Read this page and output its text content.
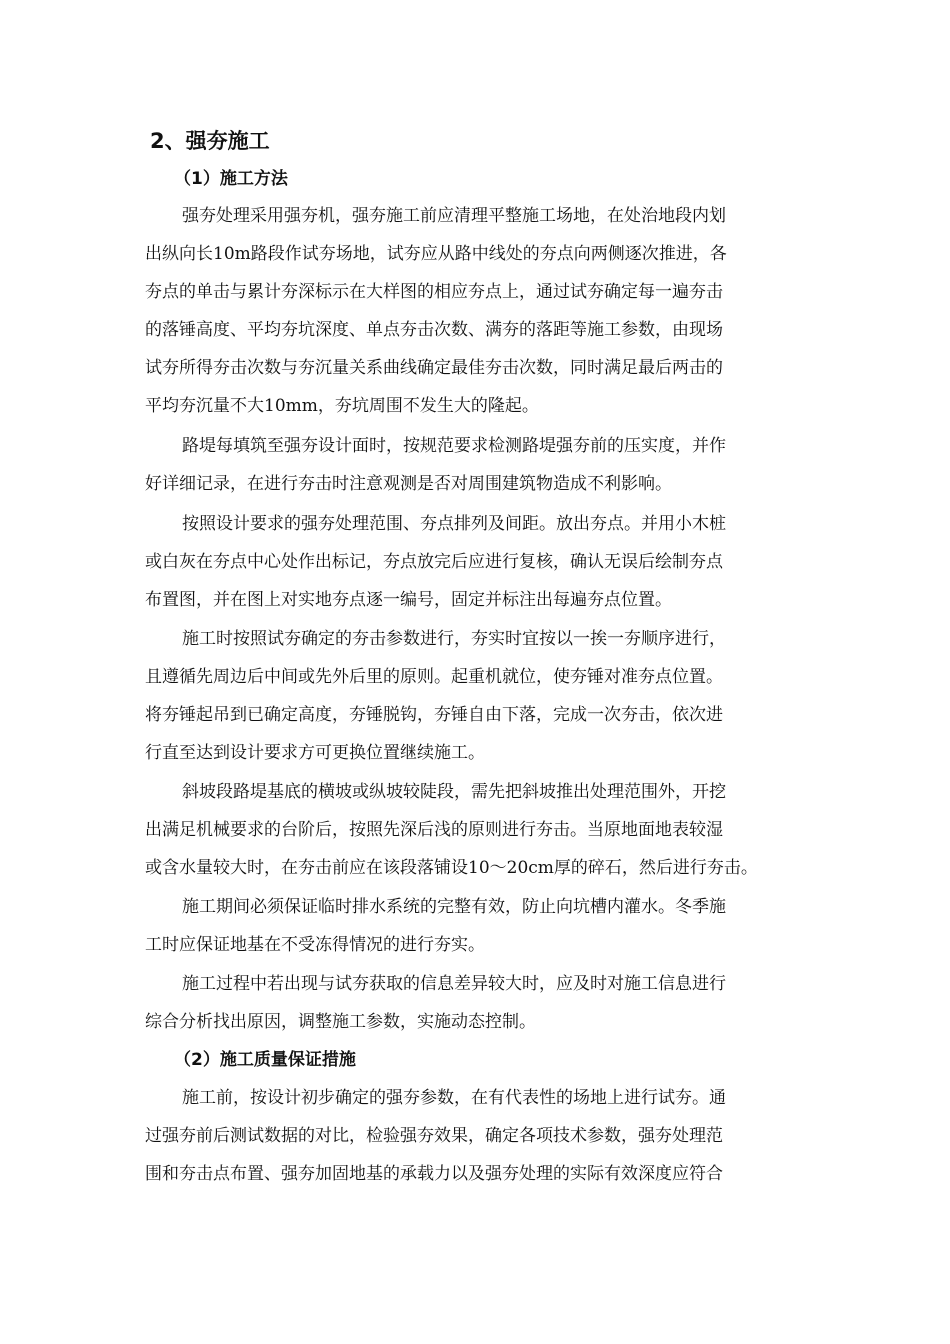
2、强夯施工
（1）施工方法
强夯处理采用强夯机，强夯施工前应清理平整施工场地，在处治地段内划
出纵向长10m路段作试夯场地，试夯应从路中线处的夯点向两侧逐次推进，各
夯点的单击与累计夯深标示在大样图的相应夯点上，通过试夯确定每一遍夯击
的落锤高度、平均夯坑深度、单点夯击次数、满夯的落距等施工参数，由现场
试夯所得夯击次数与夯沉量关系曲线确定最佳夯击次数，同时满足最后两击的
平均夯沉量不大10mm，夯坑周围不发生大的隆起。
路堤每填筑至强夯设计面时，按规范要求检测路堤强夯前的压实度，并作
好详细记录，在进行夯击时注意观测是否对周围建筑物造成不利影响。
按照设计要求的强夯处理范围、夯点排列及间距。放出夯点。并用小木桩
或白灰在夯点中心处作出标记，夯点放完后应进行复核，确认无误后绘制夯点
布置图，并在图上对实地夯点逐一编号，固定并标注出每遍夯点位置。
施工时按照试夯确定的夯击参数进行，夯实时宜按以一挨一夯顺序进行，
且遵循先周边后中间或先外后里的原则。起重机就位，使夯锤对准夯点位置。
将夯锤起吊到已确定高度，夯锤脱钩，夯锤自由下落，完成一次夯击，依次进
行直至达到设计要求方可更换位置继续施工。
斜坡段路堤基底的横坡或纵坡较陡段，需先把斜坡推出处理范围外，开挖
出满足机械要求的台阶后，按照先深后浅的原则进行夯击。当原地面地表较湿
或含水量较大时，在夯击前应在该段落铺设10～20cm厚的碎石，然后进行夯击。
施工期间必须保证临时排水系统的完整有效，防止向坑槽内灌水。冬季施
工时应保证地基在不受冻得情况的进行夯实。
施工过程中若出现与试夯获取的信息差异较大时，应及时对施工信息进行
综合分析找出原因，调整施工参数，实施动态控制。
（2）施工质量保证措施
施工前，按设计初步确定的强夯参数，在有代表性的场地上进行试夯。通
过强夯前后测试数据的对比，检验强夯效果，确定各项技术参数，强夯处理范
围和夯击点布置、强夯加固地基的承载力以及强夯处理的实际有效深度应符合
